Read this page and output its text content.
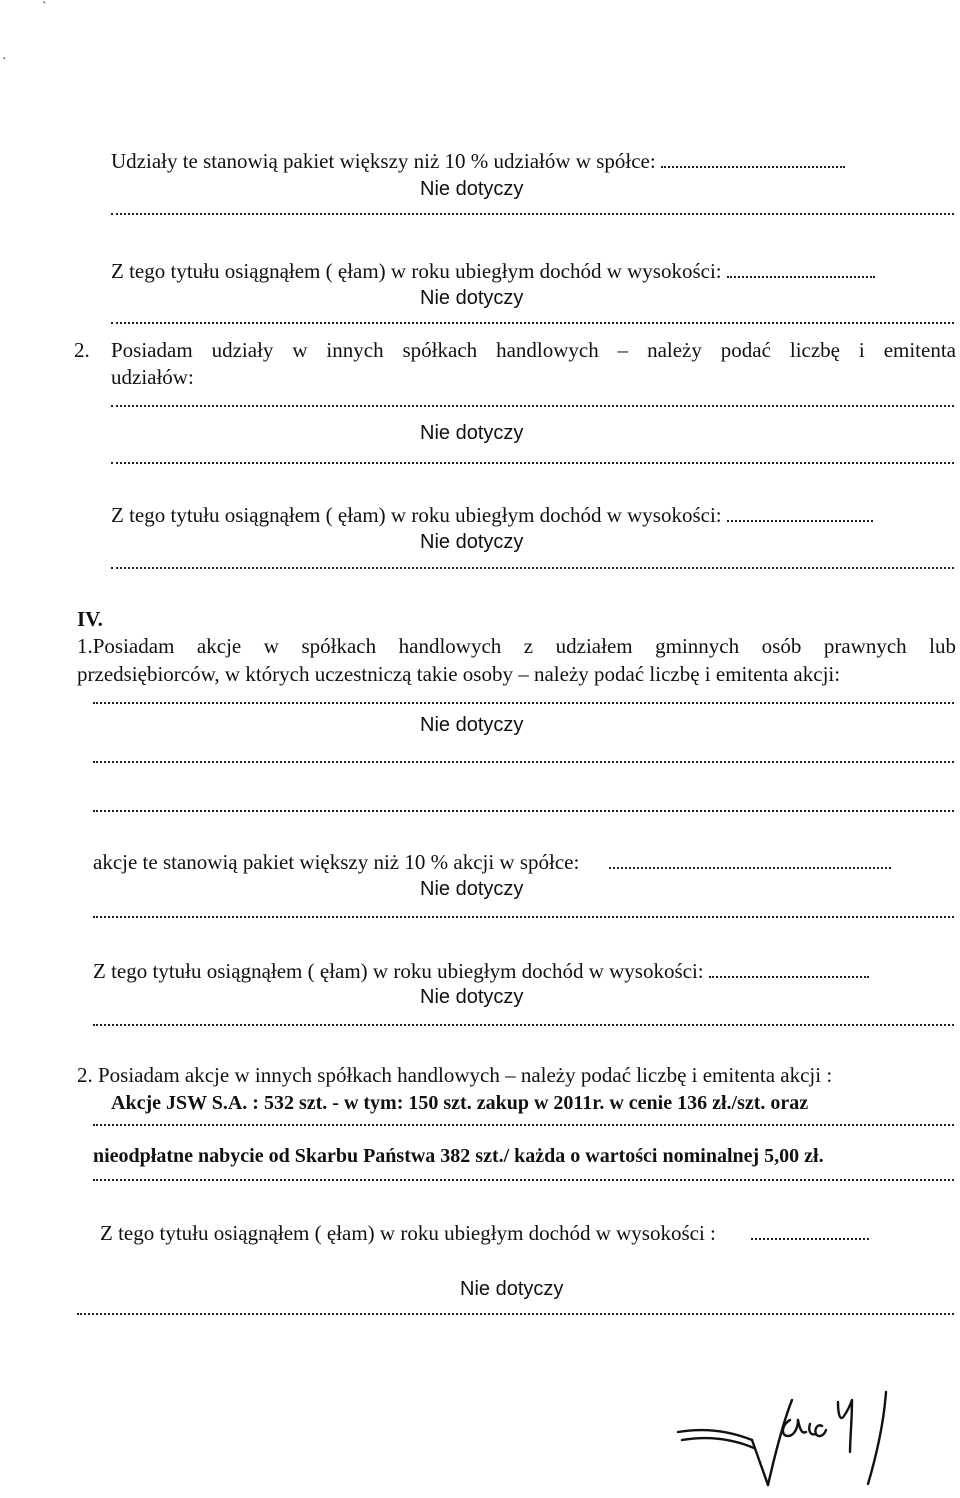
`
·
Udziały te stanowią pakiet większy niż 10 % udziałów w spółce:
Nie dotyczy
Z tego tytułu osiągnąłem ( ęłam) w roku ubiegłym dochód w wysokości:
Nie dotyczy
2. Posiadam udziały w innych spółkach handlowych – należy podać liczbę i emitenta
udziałów:
Nie dotyczy
Z tego tytułu osiągnąłem ( ęłam) w roku ubiegłym dochód w wysokości:
Nie dotyczy
IV.
1.Posiadam akcje w spółkach handlowych z udziałem gminnych osób prawnych lub
przedsiębiorców, w których uczestniczą takie osoby – należy podać liczbę i emitenta akcji:
Nie dotyczy
akcje te stanowią pakiet większy niż 10 % akcji w spółce:
Nie dotyczy
Z tego tytułu osiągnąłem ( ęłam) w roku ubiegłym dochód w wysokości:
Nie dotyczy
2. Posiadam akcje w innych spółkach handlowych – należy podać liczbę i emitenta akcji :
Akcje JSW S.A. : 532 szt. - w tym: 150 szt. zakup w 2011r. w cenie 136 zł./szt. oraz
nieodpłatne nabycie od Skarbu Państwa 382 szt./ każda o wartości nominalnej 5,00 zł.
Z tego tytułu osiągnąłem ( ęłam) w roku ubiegłym dochód w wysokości :
Nie dotyczy
